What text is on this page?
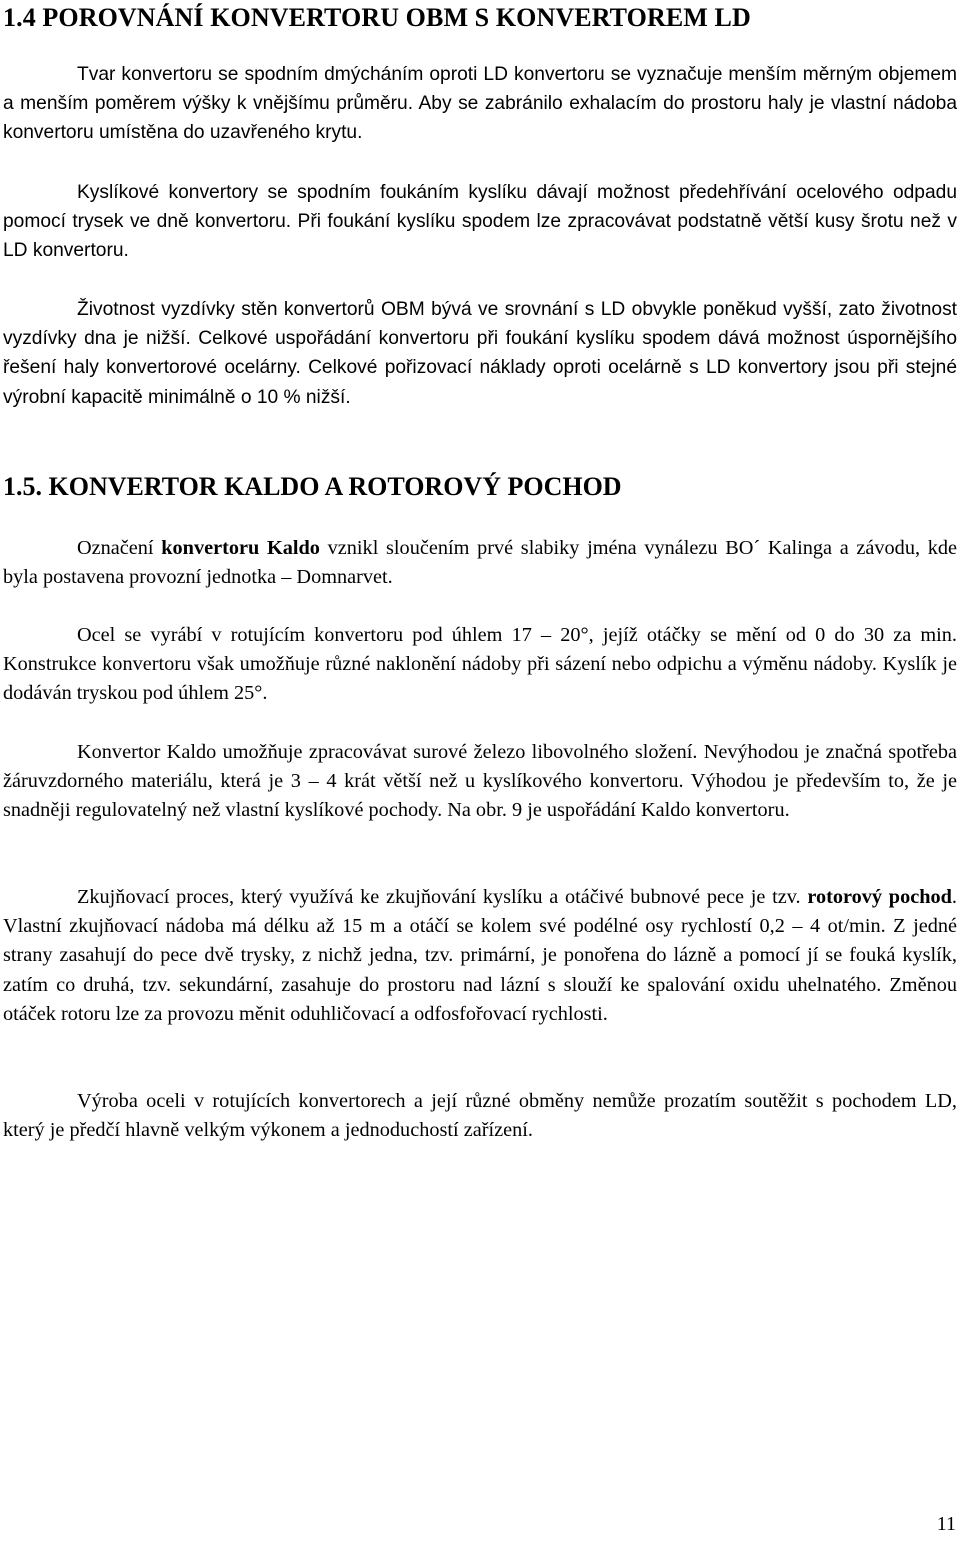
1.4 POROVNÁNÍ KONVERTORU OBM S KONVERTOREM LD

Tvar konvertoru se spodním dmýcháním oproti LD konvertoru se vyznačuje menším měrným objemem a menším poměrem výšky k vnějšímu průměru. Aby se zabránilo exhalacím do prostoru haly je vlastní nádoba konvertoru umístěna do uzavřeného krytu.

Kyslíkové konvertory se spodním foukáním kyslíku dávají možnost předehřívání ocelového odpadu pomocí trysek ve dně konvertoru. Při foukání kyslíku spodem lze zpracovávat podstatně větší kusy šrotu než v LD konvertoru.

Životnost vyzdívky stěn konvertorů OBM bývá ve srovnání s LD obvykle poněkud vyšší, zato životnost vyzdívky dna je nižší. Celkové uspořádání konvertoru při foukání kyslíku spodem dává možnost úspornějšího řešení haly konvertorové ocelárny. Celkové pořizovací náklady oproti ocelárně s LD konvertory jsou při stejné výrobní kapacitě minimálně o 10 % nižší.

1.5. KONVERTOR KALDO A ROTOROVÝ POCHOD

Označení konvertoru Kaldo vznikl sloučením prvé slabiky jména vynálezu BO´ Kalinga a závodu, kde byla postavena provozní jednotka – Domnarvet.

Ocel se vyrábí v rotujícím konvertoru pod úhlem 17 – 20°, jejíž otáčky se mění od 0 do 30 za min. Konstrukce konvertoru však umožňuje různé naklonění nádoby při sázení nebo odpichu a výměnu nádoby. Kyslík je dodáván tryskou pod úhlem 25°.

Konvertor Kaldo umožňuje zpracovávat surové železo libovolného složení. Nevýhodou je značná spotřeba žáruvzdorného materiálu, která je 3 – 4 krát větší než u kyslíkového konvertoru. Výhodou je především to, že je snadněji regulovatelný než vlastní kyslíkové pochody. Na obr. 9 je uspořádání Kaldo konvertoru.

Zkujňovací proces, který využívá ke zkujňování kyslíku a otáčivé bubnové pece je tzv. rotorový pochod. Vlastní zkujňovací nádoba má délku až 15 m a otáčí se kolem své podélné osy rychlostí 0,2 – 4 ot/min. Z jedné strany zasahují do pece dvě trysky, z nichž jedna, tzv. primární, je ponořena do lázně a pomocí jí se fouká kyslík, zatím co druhá, tzv. sekundární, zasahuje do prostoru nad lázní s slouží ke spalování oxidu uhelnatého. Změnou otáček rotoru lze za provozu měnit oduhličovací a odfosfořovací rychlosti.

Výroba oceli v rotujících konvertorech a její různé obměny nemůže prozatím soutěžit s pochodem LD, který je předčí hlavně velkým výkonem a jednoduchostí zařízení.

11
